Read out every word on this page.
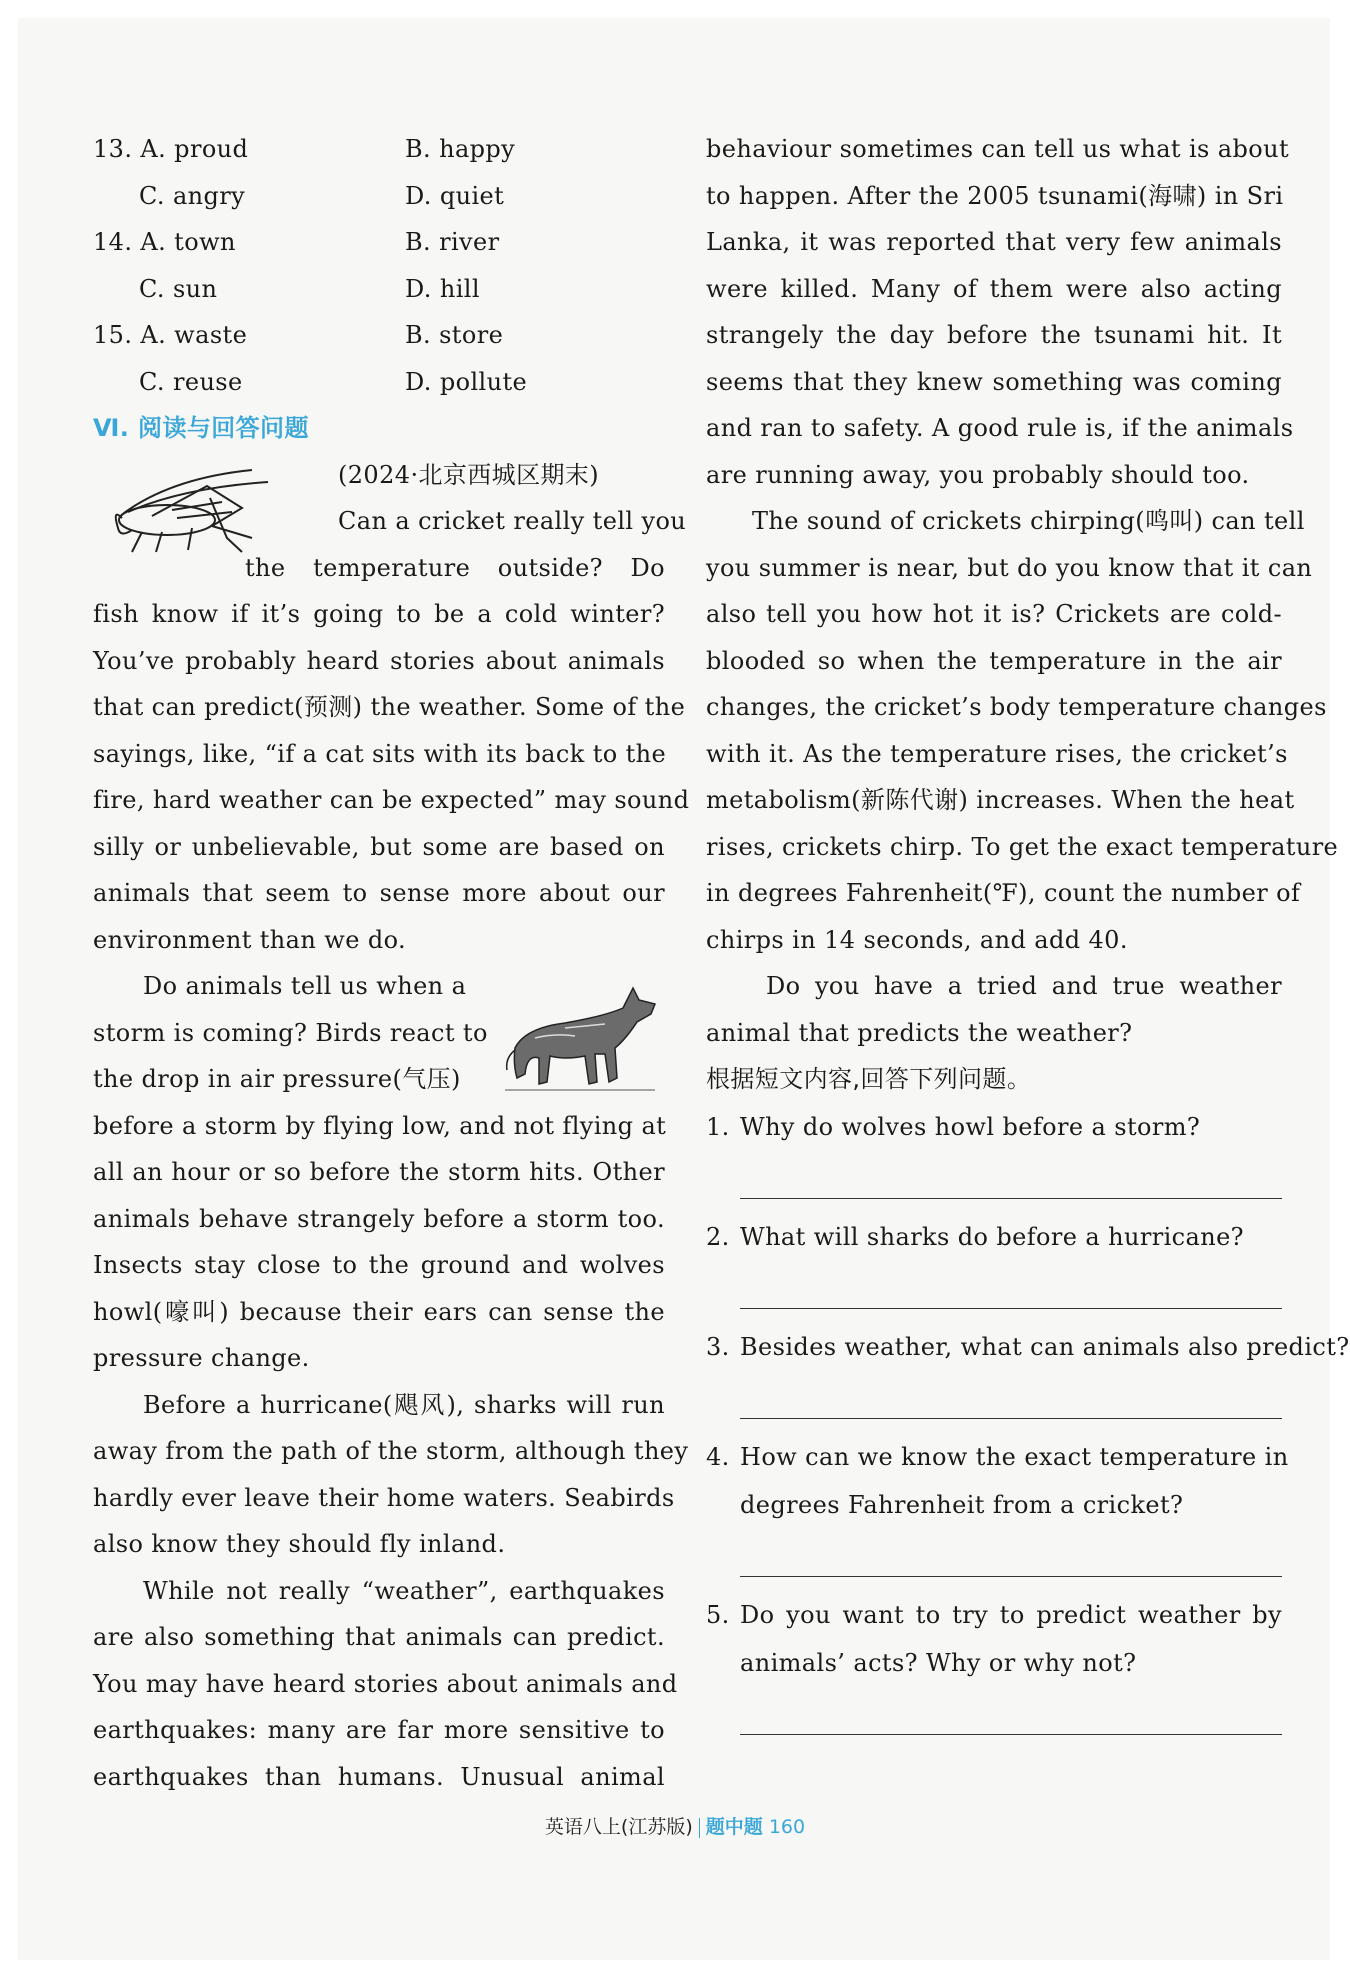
13. A. proud	B. happy
C. angry	D. quiet
14. A. town	B. river
C. sun	D. hill
15. A. waste	B. store
C. reuse	D. pollute
Ⅵ. 阅读与回答问题
(2024·北京西城区期末)
Can a cricket really tell you
the temperature outside? Do
fish know if it’s going to be a cold winter?
You’ve probably heard stories about animals
that can predict(预测) the weather. Some of the
sayings, like, “if a cat sits with its back to the
fire, hard weather can be expected” may sound
silly or unbelievable, but some are based on
animals that seem to sense more about our
environment than we do.
Do animals tell us when a
storm is coming? Birds react to
the drop in air pressure(气压)
before a storm by flying low, and not flying at
all an hour or so before the storm hits. Other
animals behave strangely before a storm too.
Insects stay close to the ground and wolves
howl(嚎叫) because their ears can sense the
pressure change.
Before a hurricane(飓风), sharks will run
away from the path of the storm, although they
hardly ever leave their home waters. Seabirds
also know they should fly inland.
While not really “weather”, earthquakes
are also something that animals can predict.
You may have heard stories about animals and
earthquakes: many are far more sensitive to
earthquakes than humans. Unusual animal
behaviour sometimes can tell us what is about
to happen. After the 2005 tsunami(海啸) in Sri
Lanka, it was reported that very few animals
were killed. Many of them were also acting
strangely the day before the tsunami hit. It
seems that they knew something was coming
and ran to safety. A good rule is, if the animals
are running away, you probably should too.
The sound of crickets chirping(鸣叫) can tell
you summer is near, but do you know that it can
also tell you how hot it is? Crickets are cold-
blooded so when the temperature in the air
changes, the cricket’s body temperature changes
with it. As the temperature rises, the cricket’s
metabolism(新陈代谢) increases. When the heat
rises, crickets chirp. To get the exact temperature
in degrees Fahrenheit(℉), count the number of
chirps in 14 seconds, and add 40.
Do you have a tried and true weather
animal that predicts the weather?
根据短文内容,回答下列问题。
1. Why do wolves howl before a storm?
2. What will sharks do before a hurricane?
3. Besides weather, what can animals also predict?
4. How can we know the exact temperature in
degrees Fahrenheit from a cricket?
5. Do you want to try to predict weather by
animals’ acts? Why or why not?
英语八上(江苏版) 题中题 160
